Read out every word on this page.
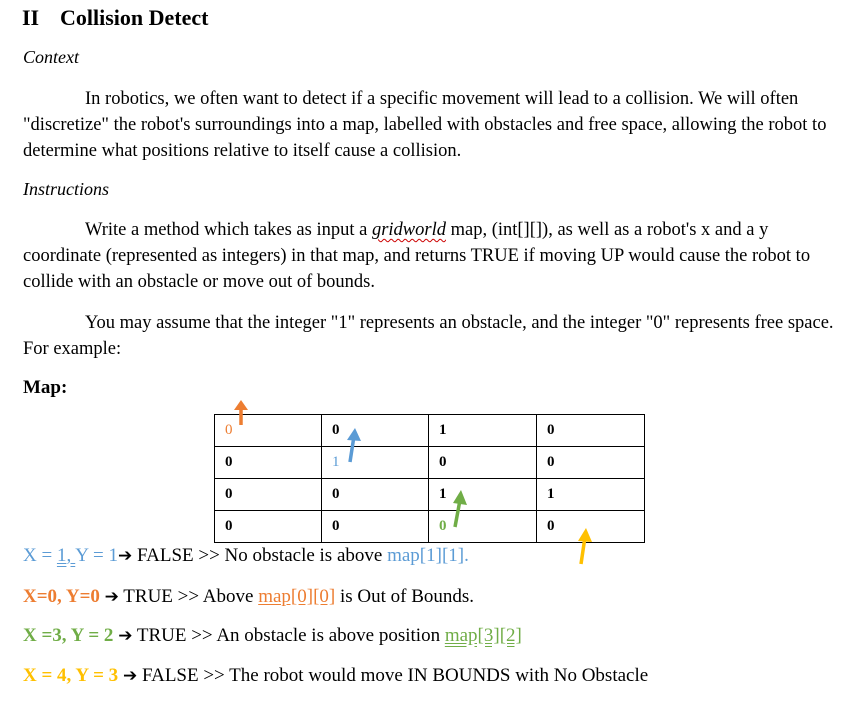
II Collision Detect
Context
In robotics, we often want to detect if a specific movement will lead to a collision. We will often "discretize" the robot's surroundings into a map, labelled with obstacles and free space, allowing the robot to determine what positions relative to itself cause a collision.
Instructions
Write a method which takes as input a gridworld map, (int[][]), as well as a robot's x and a y coordinate (represented as integers) in that map, and returns TRUE if moving UP would cause the robot to collide with an obstacle or move out of bounds.
You may assume that the integer "1" represents an obstacle, and the integer "0" represents free space. For example:
Map:
0	0	1	0
0	1	0	0
0	0	1	1
0	0	0	0
X = 1, Y = 1➔ FALSE >> No obstacle is above map[1][1].
X=0, Y=0 ➔ TRUE >> Above map[0][0] is Out of Bounds.
X =3, Y = 2 ➔ TRUE >> An obstacle is above position map[3][2]
X = 4, Y = 3 ➔ FALSE >> The robot would move IN BOUNDS with No Obstacle
